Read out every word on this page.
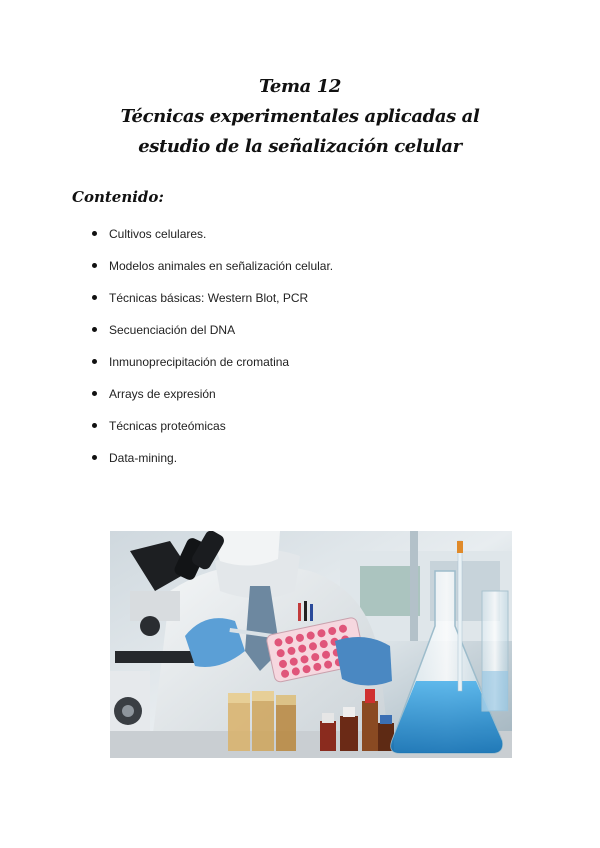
Tema 12
Técnicas experimentales aplicadas al
estudio de la señalización celular
Contenido:
Cultivos celulares.
Modelos animales en señalización celular.
Técnicas básicas: Western Blot, PCR
Secuenciación del DNA
Inmunoprecipitación de cromatina
Arrays de expresión
Técnicas proteómicas
Data-mining.
